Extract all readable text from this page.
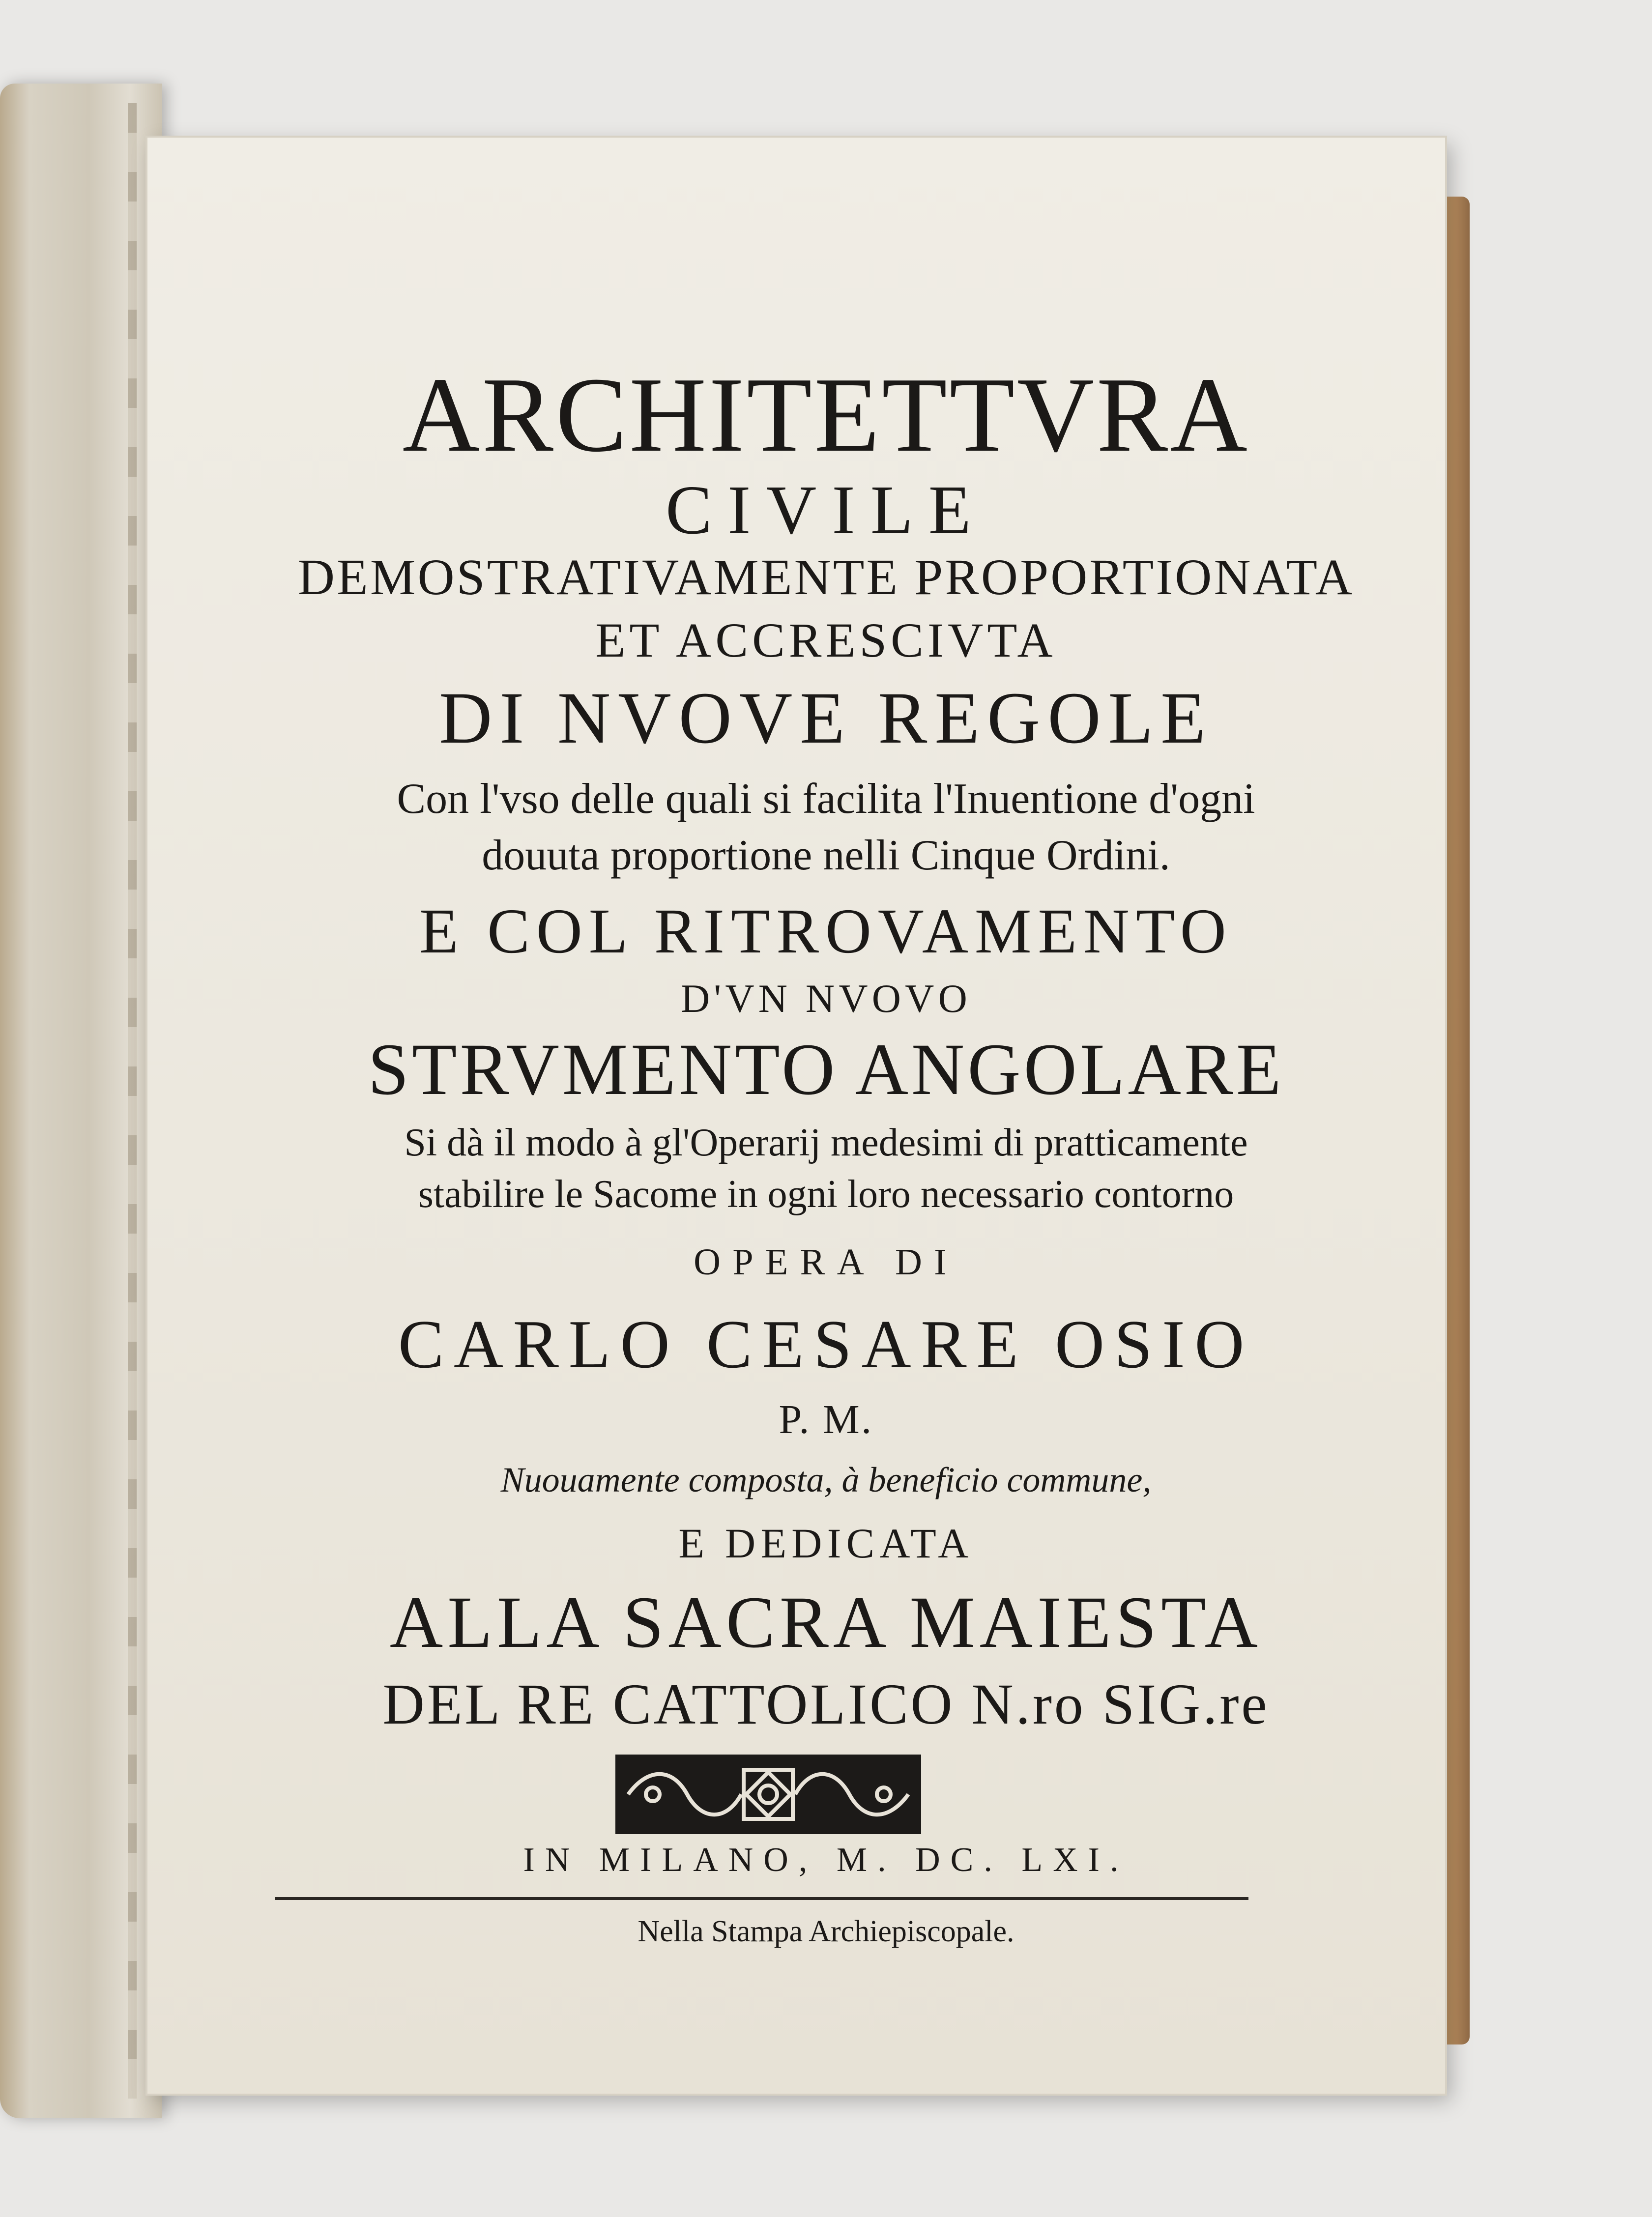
ARCHITETTVRA

CIVILE

DEMOSTRATIVAMENTE PROPORTIONATA

ET ACCRESCIVTA

DI NVOVE REGOLE

Con l'vso delle quali si facilita l'Inuentione d'ogni

douuta proportione nelli Cinque Ordini.

E COL RITROVAMENTO

D'VN NVOVO

STRVMENTO ANGOLARE

Si dà il modo à gl'Operarij medesimi di pratticamente

stabilire le Sacome in ogni loro necessario contorno

OPERA DI

CARLO CESARE OSIO

P. M.

Nuouamente composta, à beneficio commune,

E DEDICATA

ALLA SACRA MAIESTA

DEL RE CATTOLICO N.ro SIG.re

IN MILANO, M. DC. LXI.

Nella Stampa Archiepiscopale.
